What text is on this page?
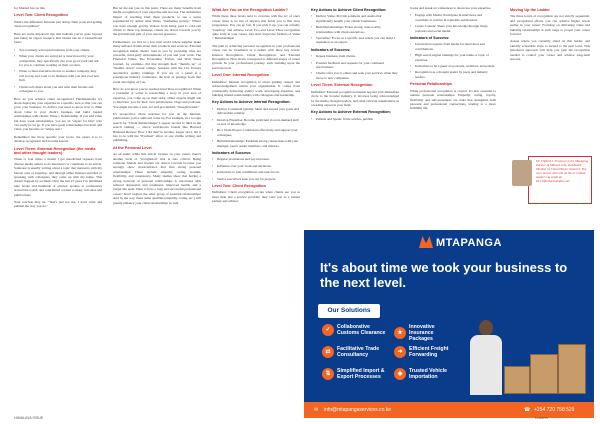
for Matsuri has on this.

Level Two: Client Recognition

What's the difference between just doing client work and getting client recognition?

Here are some important tips that indicate you've gone beyond just being an expert resource that clients use as a transactional basis:

• You routinely win repeat business from your clients.
• When your clients are surveyed or interviewed by your competition, they specifically cite your good work and ask for you to continue working on their account.
• When a client executive moves to another company, they call you up and want to do business with you and your new firm.
• Clients tell others about you and refer their friends and colleagues to you.

How do you achieve client recognition? Fundamentally it's about deploying your expertise in a specific area so that you can grow your business. To deliver you need to know how to think about value in your client's business and build trusted relationships with clients. Value = Relationship. If you add value but have weak relationships, you are an "expert for hire" who can easily be let go. If you have great relationships but don't add value, you become an "empty suit."

Remember: the more specific your focus, the easier it is to develop recognition and become known.

Level Three: External Recognition (the media and other thought leaders)

Three or four times a month I get unsolicited requests from diverse media outlets to do interviews or contribute to an article. Someone is usually writing about a topic that intersects with my known area of expertise, and through either Internet searches or speaking with colleagues, they come up with my name. This doesn't happen by accident. Over the last 25 years I've published nine books and hundreds of articles; spoken at conferences around the world; and contributed content to many web sites and publications.

Your reaction may be, "That's just not me. I don't write and publish the way you do."

But let me ask you on this point. There are many benefits from media recognition of your expertise and success. The cumulative impact of reaching brief these products, to see a series popularized by author Alan Weiss, "marketing gravity." Where you have enough gravity visitors from being paid to cold-call clients to those top business, clients are drawn towards you by the gravitational pull of your renown presence.

Furthermore, we live in a low-trust world where supplier make many inflated claims about their products and services. External recognition builds clients' trust in you by providing what are powerful, third-party endorsements of you and your work. The Financial Times, The Economist, Forbes, and Wall Street Journal, for example, did that through their "thumbs up" or "thumbs down" recent ratings. Sessions with the J.D. Powers automotive quality rankings. If you are on a panel at a prestigious industry conference, the halo of prestige from that event also lights on you.

How do you know you've reached level three recognition? When a journalist or writer is researching a story in your area of expertise, you come up on their radar. Other experts might ask to interview you for their own publications, blogs and podcasts. You might become a real, not self-proclaimed, "thought leader."

It's prospective client searches for you on the Internet, publications you've authored come up. For example, in a Google search for "Client Relationships" I appear second or third in the search ranking — above well-known brands like Harvard Business Review. How I did this? Is another, longer story, but it has to do with the "flywheel" effect of one visible writing and publishing.

At the Personal Level

As an aside: while this article focuses on your career, there's another level of "recognition" that is also critical. Being someone friends and friends are drawn towards because you strongly show characteristics that find strong personal relationships. These include empathy, caring, warmth, flexibility, and consistency. Many studies show that having a strong network of personal relationships is associated with reduced depression and loneliness, improved health, and a longer life span. Want to have a long and successful professional career? Don't neglect the other group of essential relationships! And by the way, these same qualities (empathy, caring, etc.) will greatly enhance your client relationships as well.

What Are You on the Recognition Ladder?

While these three levels tend to correlate with the arc of one's career, there is no law of physics that holds you to that slow progression. You can go fast. If you pick it up, you can actually "leapfrog" and achieve Level Two and Level Three recognition quite early in your career. Just don't forget the formula of Value × Relationships!

The path to achieving personal recognition in your professional career can be visualized as a ladder with three key levels: Internal Recognition, Client Recognition, and External Recognition. How levels correspond to different stages of career growth. In your professional journey, each building upon the previous level.

Level One: Internal Recognition

Definition: Internal recognition is about gaining respect and acknowledgement within your organization. It comes from consistently delivering quality work, developing expertise, and building trusted relationships with colleagues and leadership.

Key Actions to Achieve Internal Recognition:
• Deliver Consistent Quality: Meet and exceed your goals and deliverables reliably.
• Develop Expertise: Become proficient in an in-demand skill or area of knowledge.
• Be a Team Player: Collaborate effectively and support your colleagues.
• Build Relationships: Establish strong connections with your manager, peers, senior members, and mentors.
Indicators of Success:
• Regular promotions and pay increases.
• Influence over your work and decisions.
• Invitations to join committees and task forces.
• Senior executives seek you out for projects.
Level Two: Client Recognition

Definition: Client recognition occurs when clients see you as more than just a service provider; they view you as a trusted partner and advisor.

Key Actions to Achieve Client Recognition:
• Deliver Value: Provide solutions and results that significantly benefit your clients' businesses.
• Build Relationships: Foster strong, trust-worthy relationships with client executives.
• Specialize: Focus on a specific area where you can build a reputation as an expert.
Indicators of Success:
• Repeat business from clients.
• Positive feedback and requests for your continued involvement.
• Clients refer you to others and seek your services when they move to new companies.
Level Three: External Recognition

Definition: External recognition extends beyond your immediate circle to the broader industry. It involves being acknowledged by the media, thought leaders, and other relevant stakeholders as a leading expert in your field.

Key Actions to Achieve External Recognition:
• Publish and Speak: Write articles, publish

books and speak at conferences to showcase your expertise.

• Engage with Media: Participate in interviews and contribute to articles in reputable publications.
• Create Content: Share your knowledge through blogs, podcasts and social media.
Indicators of Success:
• Unsolicited requests from media for interviews and contributions.
• High search engine rankings for your name or topic of expertise.
• Invitations to be a guest on podcasts, webinars, and panels.
• Recognition as a thought leader by peers and industry leaders.
Personal Relationships

While professional recognition is crucial, it's also essential to nurture personal relationships. Empathy, caring, loyalty, flexibility and self-awareness are traits that strengthen both personal and professional connections, leading to a more fulfilling life.

Moving Up the Ladder

The three levels of recognition are not strictly sequential, and exceptional efforts you can achieve higher levels earlier in your career. Focusing on delivering value and building relationships at each stage to propel your career forward.

Assess where you currently stand on this ladder, and identify actionable steps to ascend to the next level. This structured approach will help you gain the recognition needed to control your career and achieve long-term success.

Dr. Clifford J. Ferguson is the Managing Partner of Matsuri.com, and Board Member of Client Hunter Sciences. You can connect with him on the or related matters via email at: Dr.Clifford@example.com

MTAPANGA
It's about time we took your business to the next level.
Our Solutions
✓	Collaborative Customs Clearance	★
Innovative Insurance Packages
⇄	Facilitative Trade Consultancy	➜	Efficient Freight Forwarding
⇅	Simplified Import & Export Processes	◆	Trusted Vehicle Importation
✉ info@mtapangaservices.co.ke	☎ +254 720 758 529
HIMALAYA ISSUE	Leaders
